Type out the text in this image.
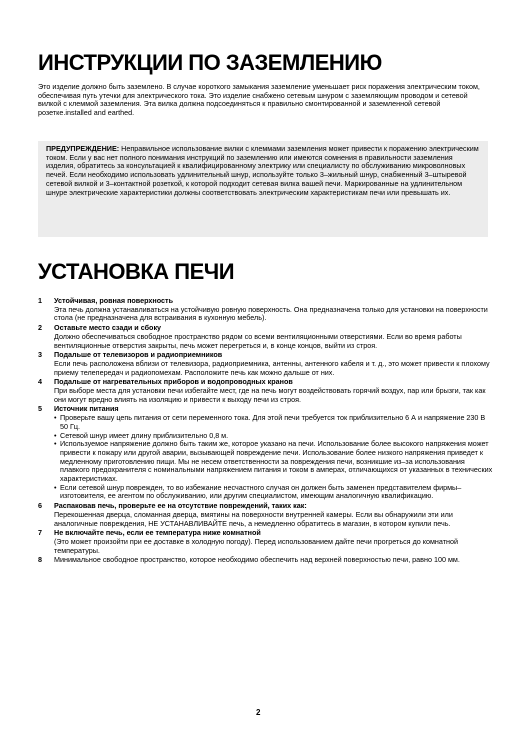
ИНСТРУКЦИИ ПО ЗАЗЕМЛЕНИЮ

Это изделие должно быть заземлено. В случае короткого замыкания заземление уменьшает риск поражения электрическим током, обеспечивая путь утечки для электрического тока. Это изделие снабжено сетевым шнуром с заземляющим проводом и сетевой вилкой с клеммой заземления. Эта вилка должна подсоединяться к правильно смонтированной и заземленной сетевой розетке.installed and earthed.

ПРЕДУПРЕЖДЕНИЕ: Неправильное использование вилки с клеммами заземления может привести к поражению электрическим током. Если у вас нет полного понимания инструкций по заземлению или имеются сомнения в правильности заземления изделия, обратитесь за консультацией к квалифицированному электрику или специалисту по обслуживанию микроволновых печей. Если необходимо использовать удлинительный шнур, используйте только 3–жильный шнур, снабженный 3–штыревой сетевой вилкой и 3–контактной розеткой, к которой подходит сетевая вилка вашей печи. Маркированные на удлинительном шнуре электрические характеристики должны соответствовать электрическим характеристикам печи или превышать их.

УСТАНОВКА ПЕЧИ
1 Устойчивая, ровная поверхность
Эта печь должна устанавливаться на устойчивую ровную поверхность. Она предназначена только для установки на поверхности стола (не предназначена для встраивания в кухонную мебель).
2 Оставьте место сзади и сбоку
Должно обеспечиваться свободное пространство рядом со всеми вентиляционными отверстиями. Если во время работы вентиляционные отверстия закрыты, печь может перегреться и, в конце концов, выйти из строя.
3 Подальше от телевизоров и радиоприемников
Если печь расположена вблизи от телевизора, радиоприемника, антенны, антенного кабеля и т. д., это может привести к плохому приему телепередач и радиопомехам. Расположите печь как можно дальше от них.
4 Подальше от нагревательных приборов и водопроводных кранов
При выборе места для установки печи избегайте мест, где на печь могут воздействовать горячий воздух, пар или брызги, так как они могут вредно влиять на изоляцию и привести к выходу печи из строя.
5 Источник питания
• Проверьте вашу цепь питания от сети переменного тока. Для этой печи требуется ток приблизительно 6 А и напряжение 230 В 50 Гц.
• Сетевой шнур имеет длину приблизительно 0,8 м.
• Используемое напряжение должно быть таким же, которое указано на печи. Использование более высокого напряжения может привести к пожару или другой аварии, вызывающей повреждение печи. Использование более низкого напряжения приведет к медленному приготовлению пищи. Мы не несем ответственности за повреждения печи, возникшие из–за использования плавкого предохранителя с номинальными напряжением питания и током в амперах, отличающихся от указанных в технических характеристиках.
• Если сетевой шнур поврежден, то во избежание несчастного случая он должен быть заменен представителем фирмы–изготовителя, ее агентом по обслуживанию, или другим специалистом, имеющим аналогичную квалификацию.
6 Распаковав печь, проверьте ее на отсутствие повреждений, таких как:
Перекошенная дверца, сломанная дверца, вмятины на поверхности внутренней камеры. Если вы обнаружили эти или аналогичные повреждения, НЕ УСТАНАВЛИВАЙТЕ печь, а немедленно обратитесь в магазин, в котором купили печь.
7 Не включайте печь, если ее температура ниже комнатной
(Это может произойти при ее доставке в холодную погоду). Перед использованием дайте печи прогреться до комнатной температуры.
8 Минимальное свободное пространство, которое необходимо обеспечить над верхней поверхностью печи, равно 100 мм.
2
